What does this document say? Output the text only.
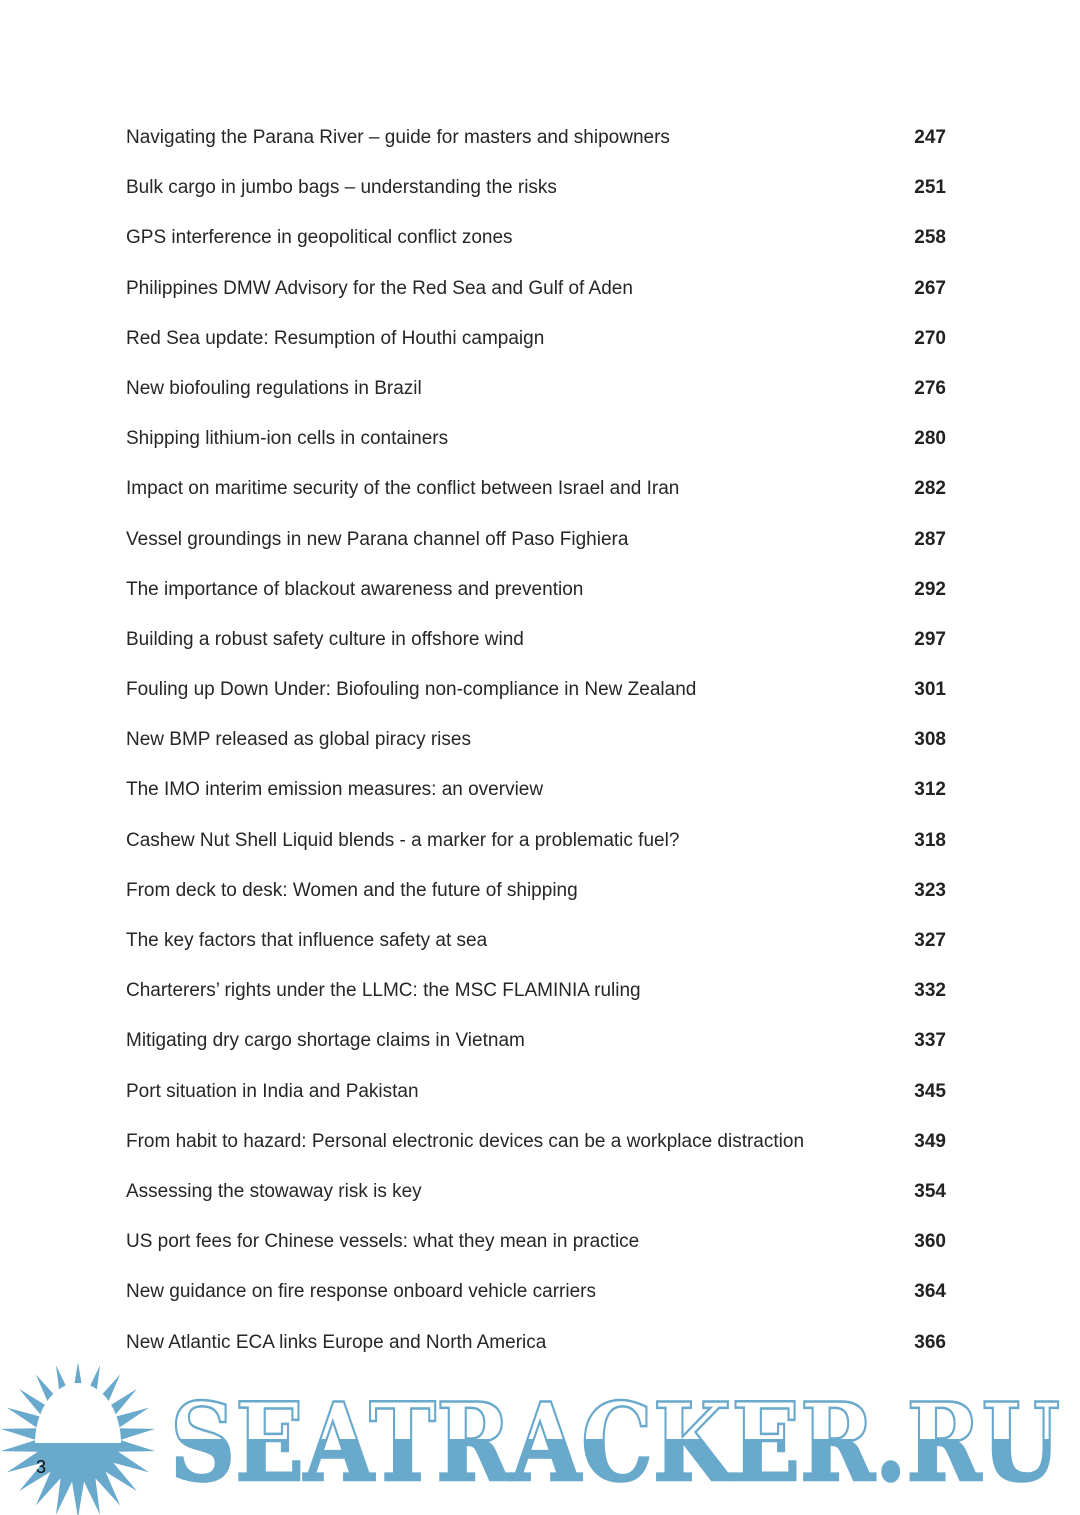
Navigating the Parana River – guide for masters and shipowners	247
Bulk cargo in jumbo bags – understanding the risks	251
GPS interference in geopolitical conflict zones	258
Philippines DMW Advisory for the Red Sea and Gulf of Aden	267
Red Sea update: Resumption of Houthi campaign	270
New biofouling regulations in Brazil	276
Shipping lithium-ion cells in containers	280
Impact on maritime security of the conflict between Israel and Iran	282
Vessel groundings in new Parana channel off Paso Fighiera	287
The importance of blackout awareness and prevention	292
Building a robust safety culture in offshore wind	297
Fouling up Down Under: Biofouling non-compliance in New Zealand	301
New BMP released as global piracy rises	308
The IMO interim emission measures: an overview	312
Cashew Nut Shell Liquid blends - a marker for a problematic fuel?	318
From deck to desk: Women and the future of shipping	323
The key factors that influence safety at sea	327
Charterers’ rights under the LLMC: the MSC FLAMINIA ruling	332
Mitigating dry cargo shortage claims in Vietnam	337
Port situation in India and Pakistan	345
From habit to hazard: Personal electronic devices can be a workplace distraction	349
Assessing the stowaway risk is key	354
US port fees for Chinese vessels: what they mean in practice	360
New guidance on fire response onboard vehicle carriers	364
New Atlantic ECA links Europe and North America	366
SEATRACKER.RU
3
